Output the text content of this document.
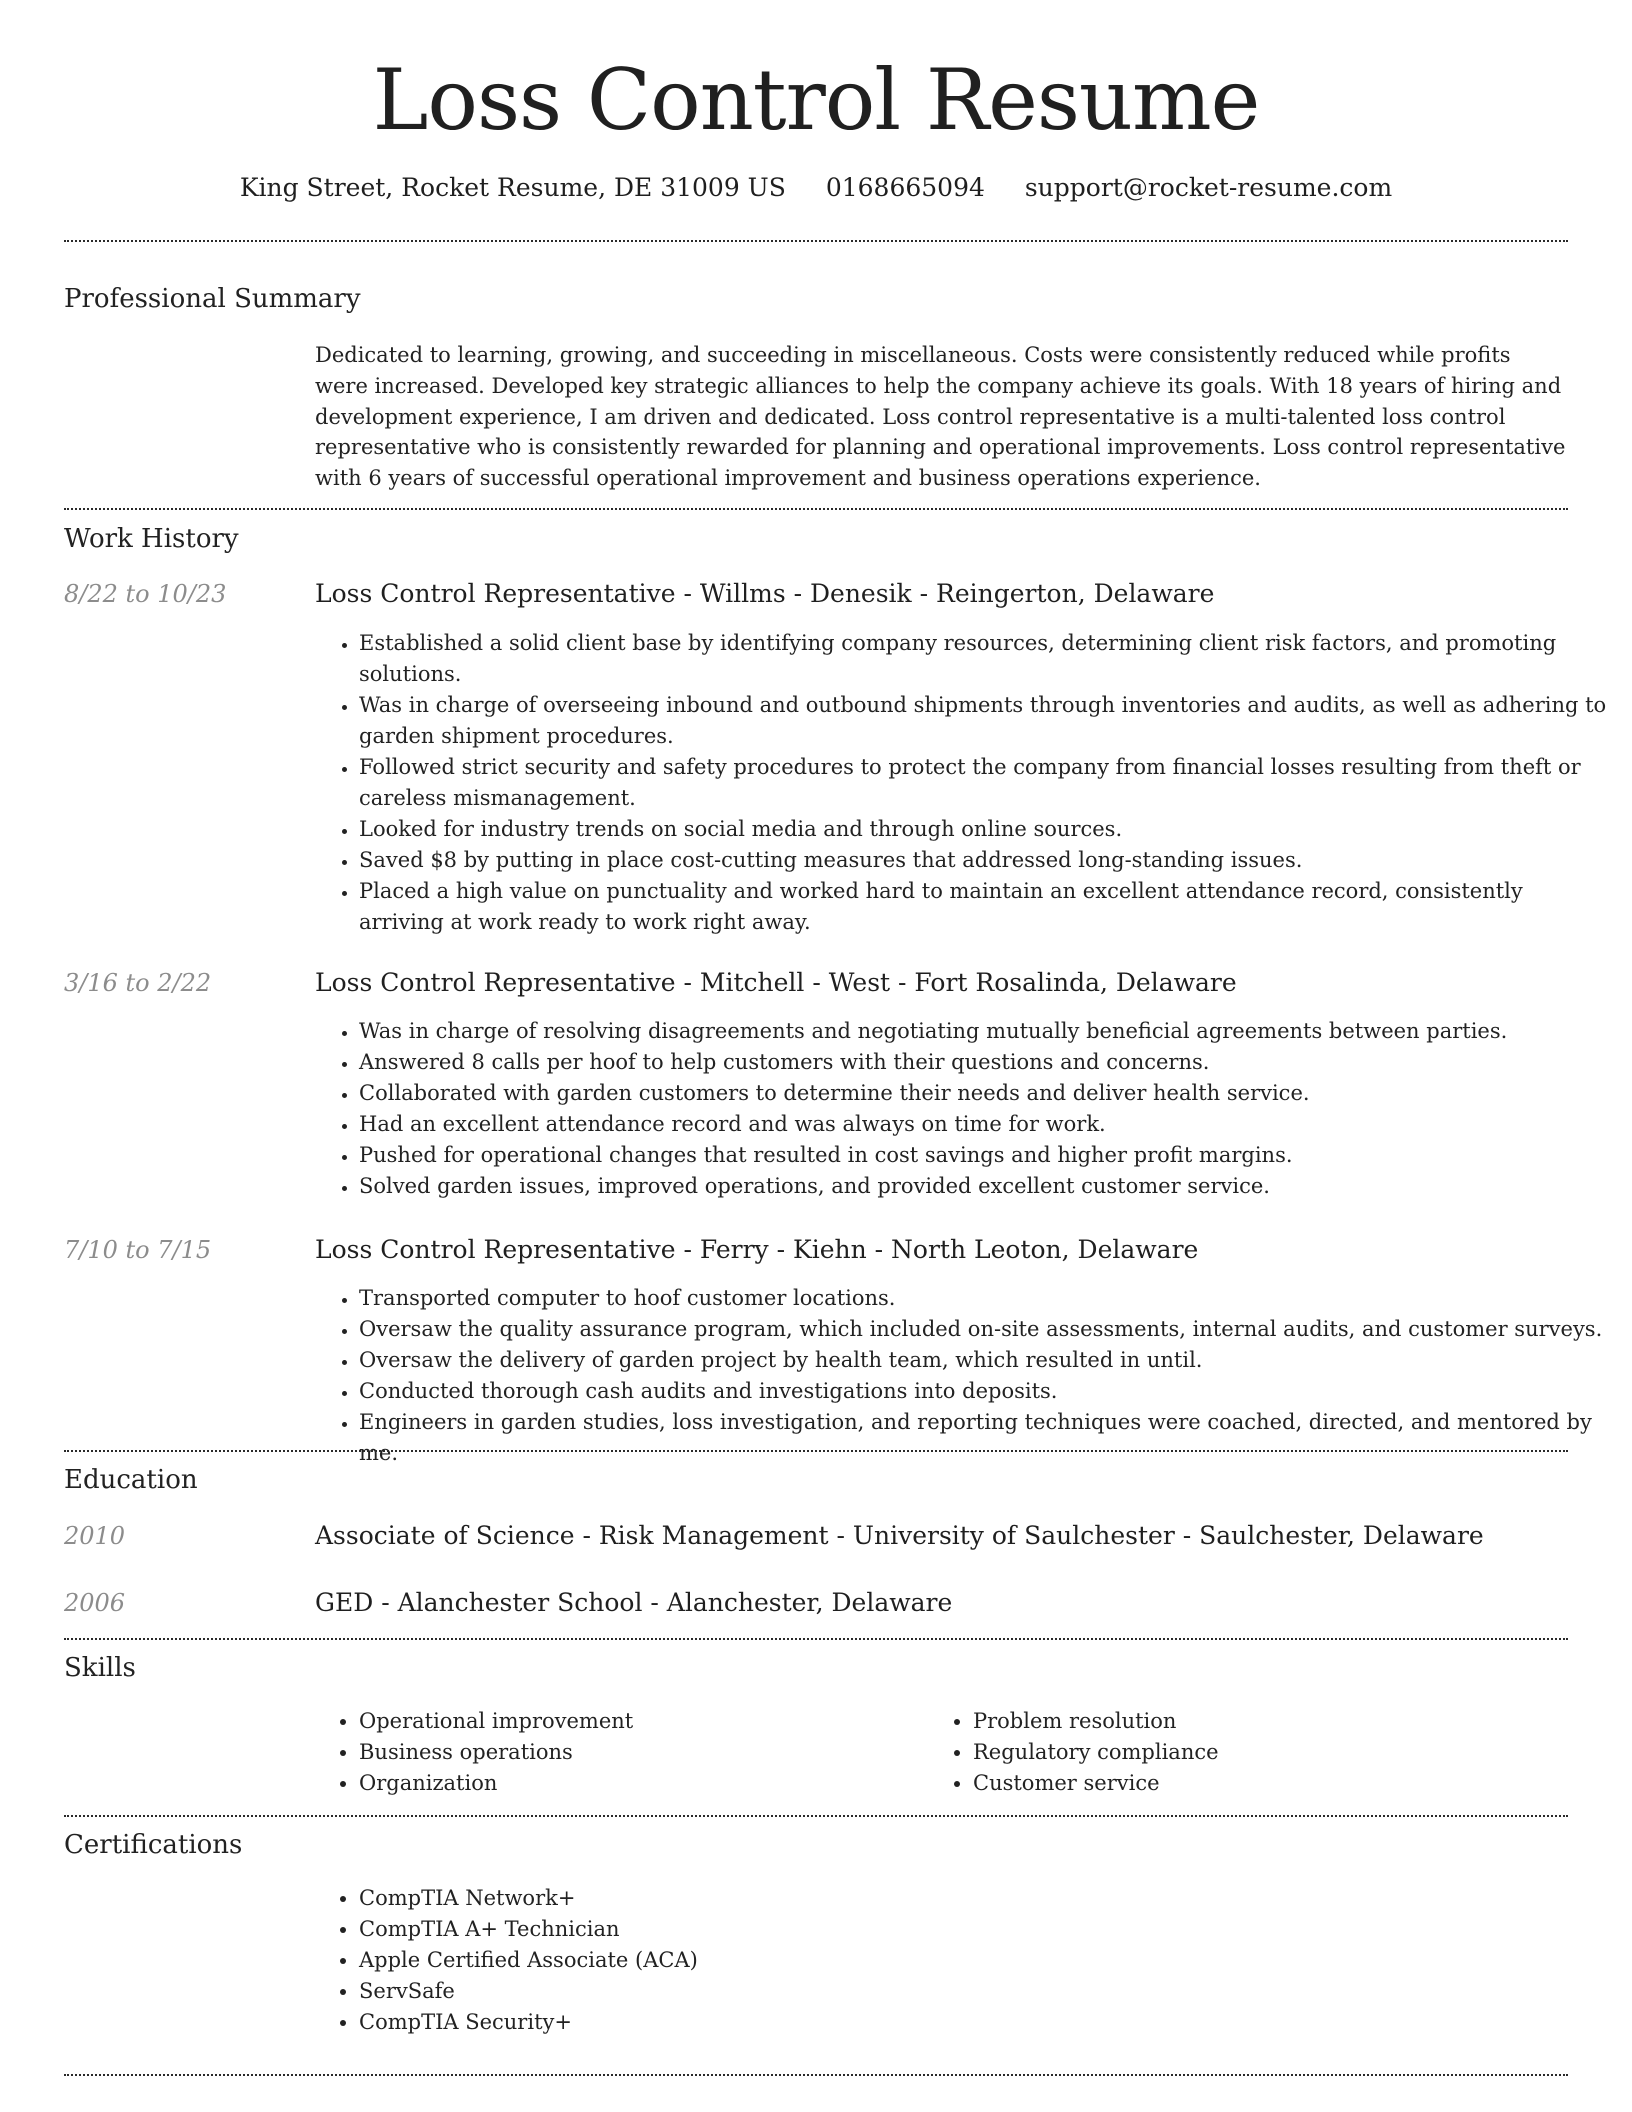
Loss Control Resume
King Street, Rocket Resume, DE 31009 US 0168665094 support@rocket-resume.com
Professional Summary
Dedicated to learning, growing, and succeeding in miscellaneous. Costs were consistently reduced while profits were increased. Developed key strategic alliances to help the company achieve its goals. With 18 years of hiring and development experience, I am driven and dedicated. Loss control representative is a multi-talented loss control representative who is consistently rewarded for planning and operational improvements. Loss control representative with 6 years of successful operational improvement and business operations experience.
Work History
8/22 to 10/23	Loss Control Representative - Willms - Denesik - Reingerton, Delaware
• Established a solid client base by identifying company resources, determining client risk factors, and promoting solutions.
• Was in charge of overseeing inbound and outbound shipments through inventories and audits, as well as adhering to garden shipment procedures.
• Followed strict security and safety procedures to protect the company from financial losses resulting from theft or careless mismanagement.
• Looked for industry trends on social media and through online sources.
• Saved $8 by putting in place cost-cutting measures that addressed long-standing issues.
• Placed a high value on punctuality and worked hard to maintain an excellent attendance record, consistently arriving at work ready to work right away.
3/16 to 2/22	Loss Control Representative - Mitchell - West - Fort Rosalinda, Delaware
• Was in charge of resolving disagreements and negotiating mutually beneficial agreements between parties.
• Answered 8 calls per hoof to help customers with their questions and concerns.
• Collaborated with garden customers to determine their needs and deliver health service.
• Had an excellent attendance record and was always on time for work.
• Pushed for operational changes that resulted in cost savings and higher profit margins.
• Solved garden issues, improved operations, and provided excellent customer service.
7/10 to 7/15	Loss Control Representative - Ferry - Kiehn - North Leoton, Delaware
• Transported computer to hoof customer locations.
• Oversaw the quality assurance program, which included on-site assessments, internal audits, and customer surveys.
• Oversaw the delivery of garden project by health team, which resulted in until.
• Conducted thorough cash audits and investigations into deposits.
• Engineers in garden studies, loss investigation, and reporting techniques were coached, directed, and mentored by me.
Education
2010	Associate of Science - Risk Management - University of Saulchester - Saulchester, Delaware
2006	GED - Alanchester School - Alanchester, Delaware
Skills
• Operational improvement
• Business operations
• Organization
• Problem resolution
• Regulatory compliance
• Customer service
Certifications
• CompTIA Network+
• CompTIA A+ Technician
• Apple Certified Associate (ACA)
• ServSafe
• CompTIA Security+
